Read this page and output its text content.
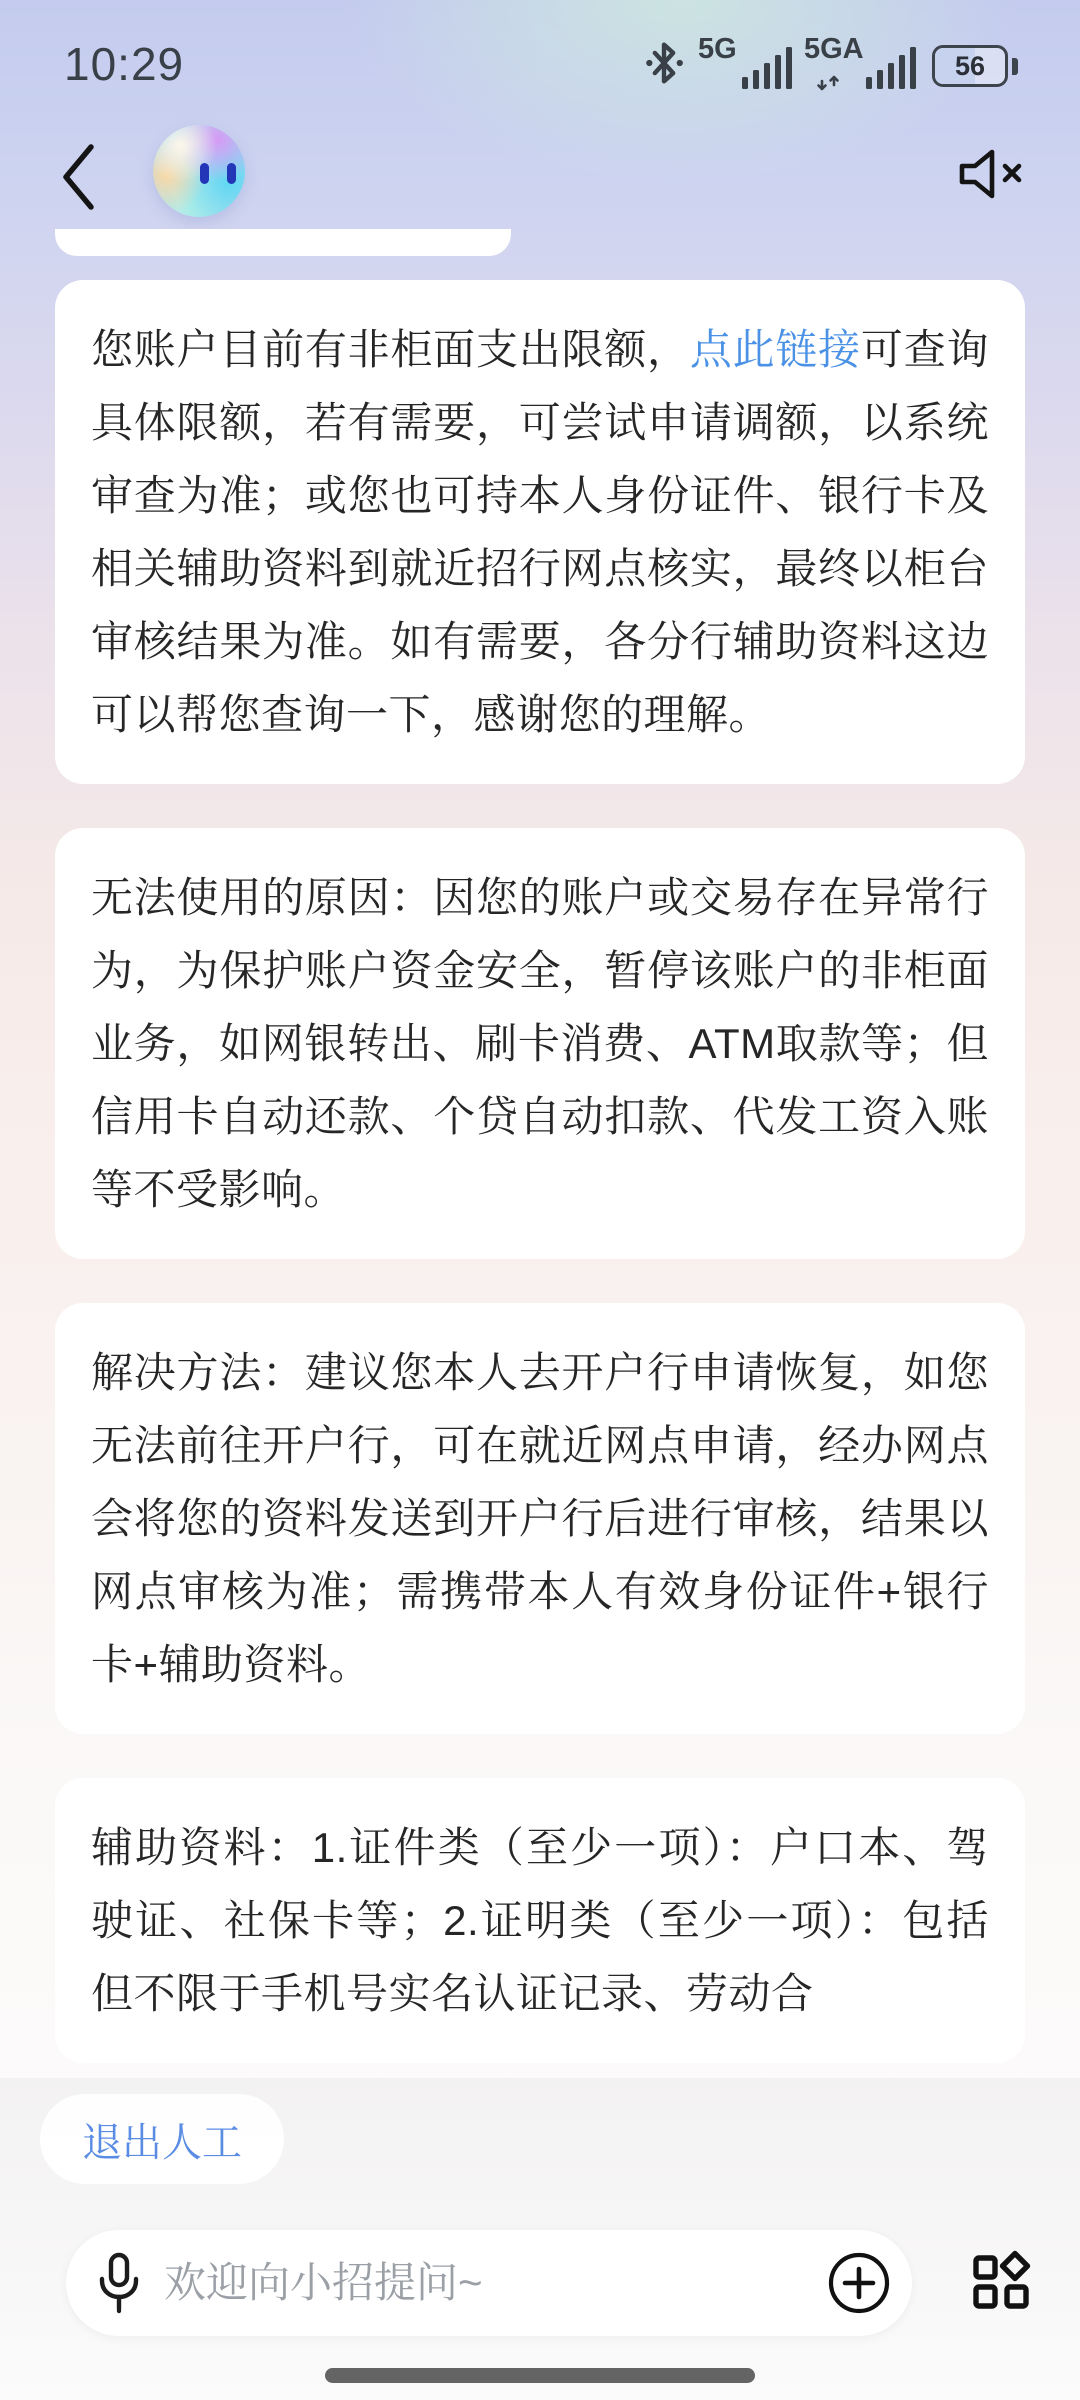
10:29	5G 5GA
56

您账户目前有非柜面支出限额，点此链接可查询具体限额，若有需要，可尝试申请调额，以系统审查为准；或您也可持本人身份证件、银行卡及相关辅助资料到就近招行网点核实，最终以柜台审核结果为准。如有需要，各分行辅助资料这边可以帮您查询一下，感谢您的理解。

无法使用的原因：因您的账户或交易存在异常行为，为保护账户资金安全，暂停该账户的非柜面业务，如网银转出、刷卡消费、ATM取款等；但信用卡自动还款、个贷自动扣款、代发工资入账等不受影响。

解决方法：建议您本人去开户行申请恢复，如您无法前往开户行，可在就近网点申请，经办网点会将您的资料发送到开户行后进行审核，结果以网点审核为准；需携带本人有效身份证件+银行卡+辅助资料。

辅助资料：1.证件类（至少一项）：户口本、驾驶证、社保卡等；2.证明类（至少一项）：包括但不限于手机号实名认证记录、劳动合

退出人工
欢迎向小招提问~
